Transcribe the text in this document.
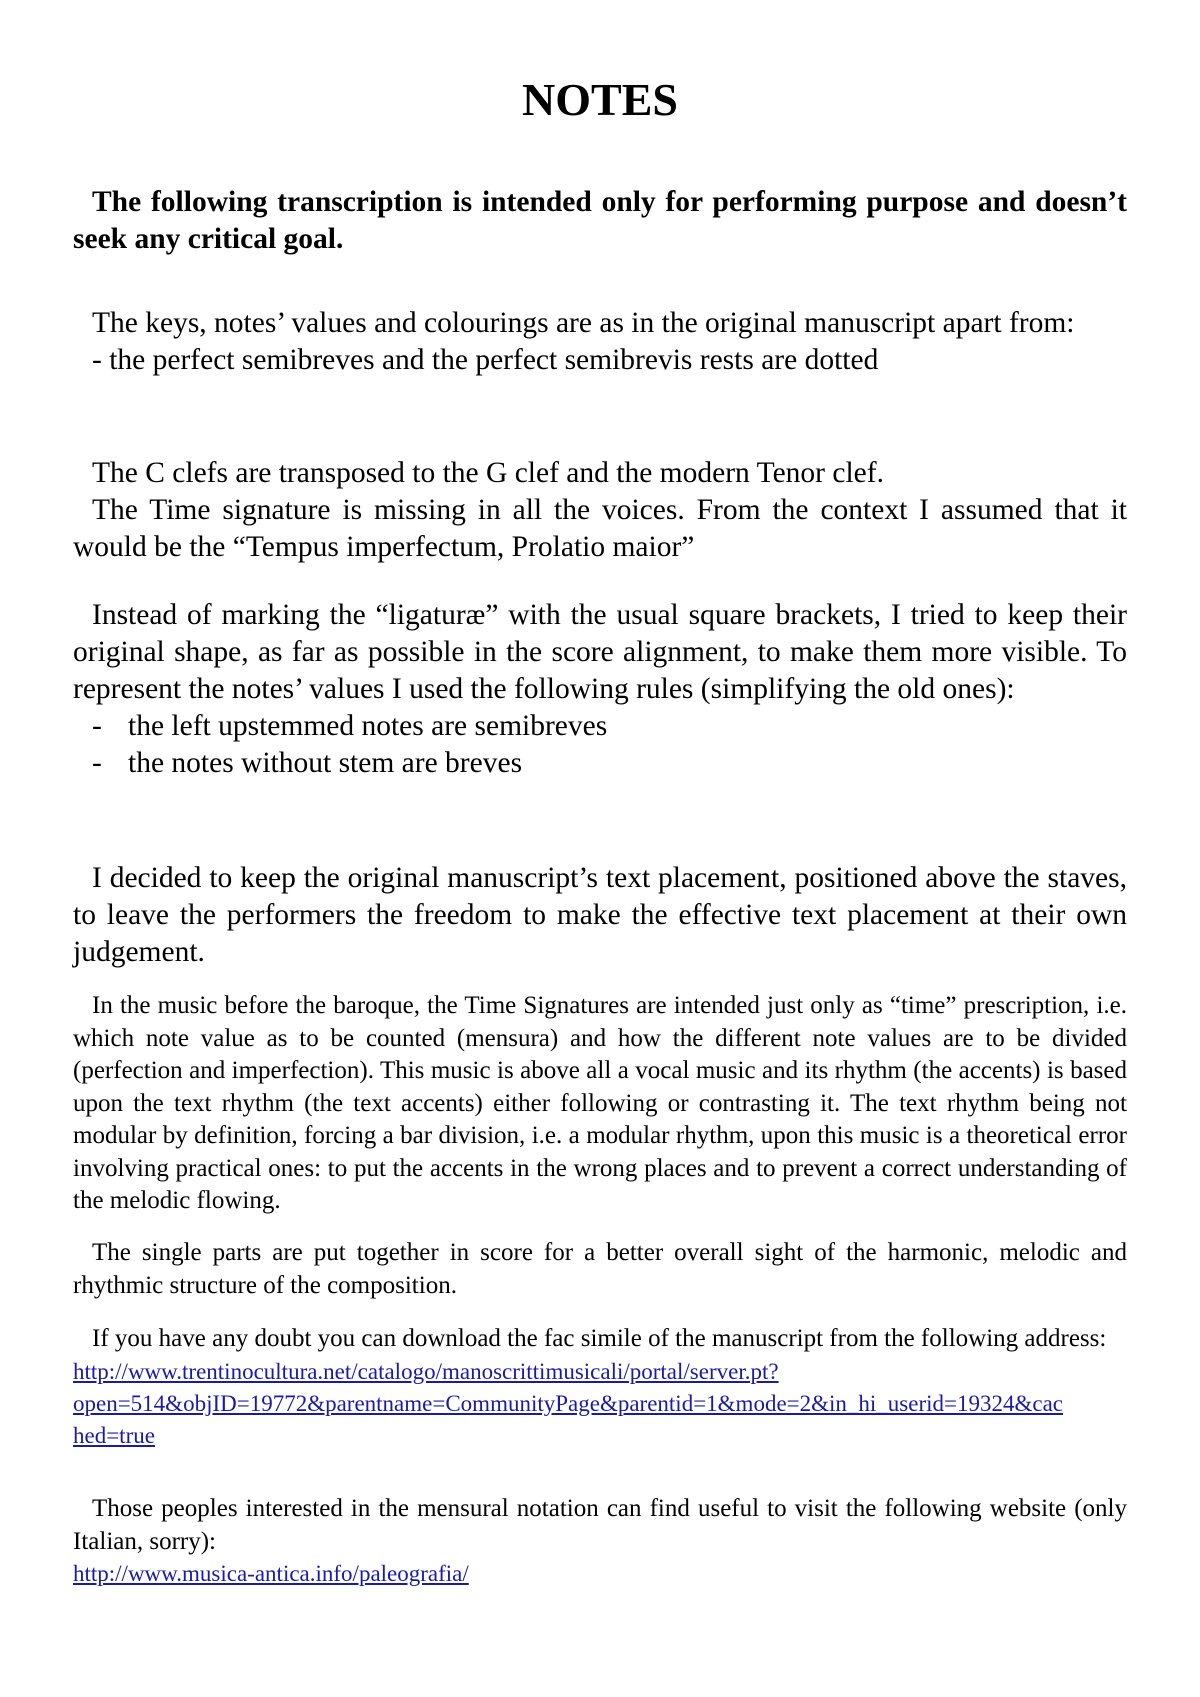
NOTES
The following transcription is intended only for performing purpose and doesn’t seek any critical goal.
The keys, notes’ values and colourings are as in the original manuscript apart from:
- the perfect semibreves and the perfect semibrevis rests are dotted
The C clefs are transposed to the G clef and the modern Tenor clef.
The Time signature is missing in all the voices. From the context I assumed that it would be the “Tempus imperfectum, Prolatio maior”
Instead of marking the “ligaturæ” with the usual square brackets, I tried to keep their original shape, as far as possible in the score alignment, to make them more visible. To represent the notes’ values I used the following rules (simplifying the old ones):
- the left upstemmed notes are semibreves
- the notes without stem are breves
I decided to keep the original manuscript’s text placement, positioned above the staves, to leave the performers the freedom to make the effective text placement at their own judgement.
In the music before the baroque, the Time Signatures are intended just only as “time” prescription, i.e. which note value as to be counted (mensura) and how the different note values are to be divided (perfection and imperfection). This music is above all a vocal music and its rhythm (the accents) is based upon the text rhythm (the text accents) either following or contrasting it. The text rhythm being not modular by definition, forcing a bar division, i.e. a modular rhythm, upon this music is a theoretical error involving practical ones: to put the accents in the wrong places and to prevent a correct understanding of the melodic flowing.
The single parts are put together in score for a better overall sight of the harmonic, melodic and rhythmic structure of the composition.
If you have any doubt you can download the fac simile of the manuscript from the following address:
http://www.trentinocultura.net/catalogo/manoscrittimusicali/portal/server.pt?
open=514&objID=19772&parentname=CommunityPage&parentid=1&mode=2&in_hi_userid=19324&cac
hed=true
Those peoples interested in the mensural notation can find useful to visit the following website (only Italian, sorry):
http://www.musica-antica.info/paleografia/
